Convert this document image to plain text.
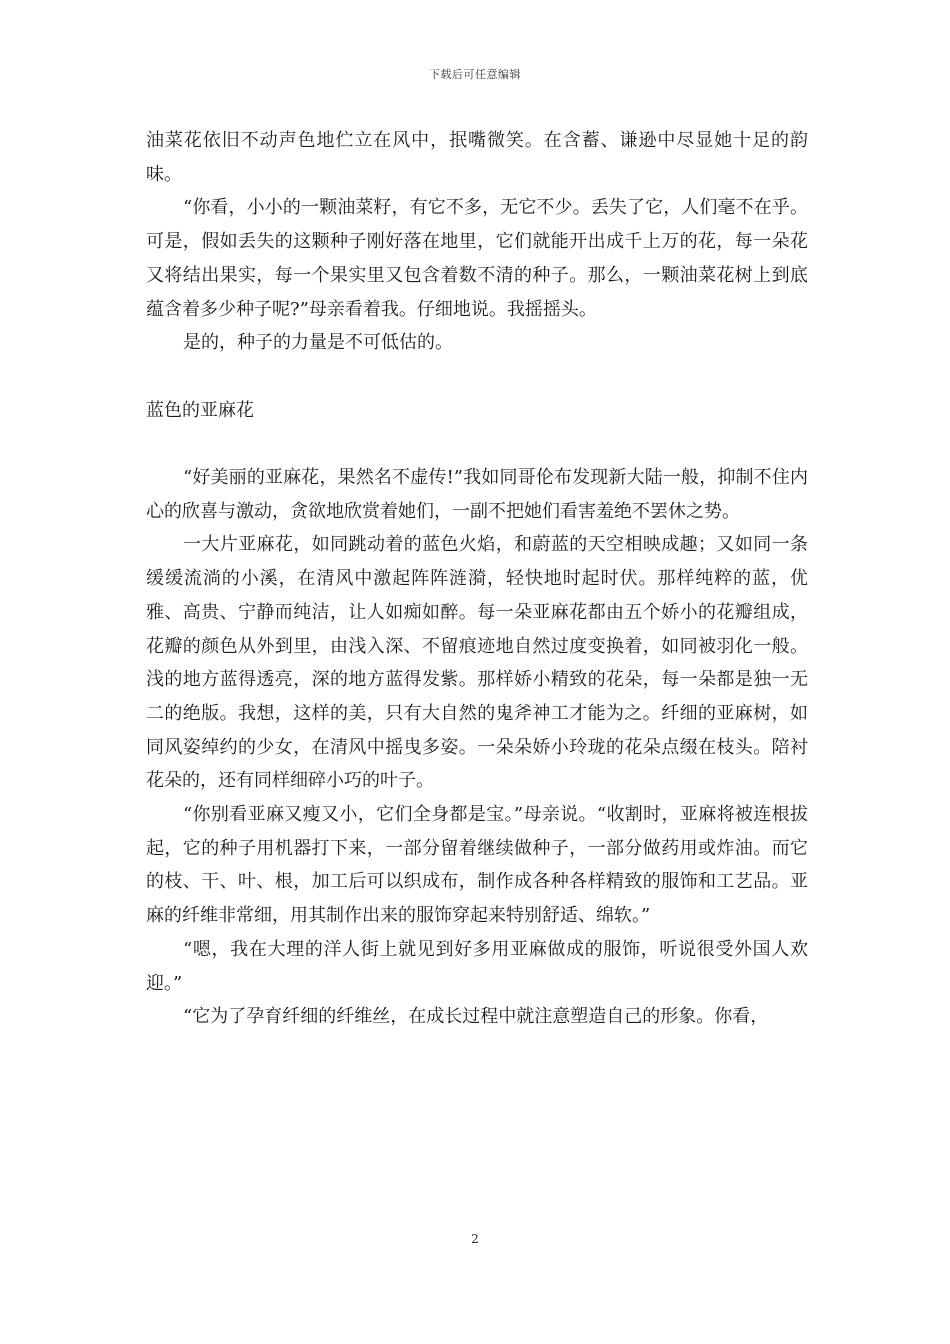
下载后可任意编辑

油菜花依旧不动声色地伫立在风中，抿嘴微笑。在含蓄、谦逊中尽显她十足的韵味。

“你看，小小的一颗油菜籽，有它不多，无它不少。丢失了它，人们毫不在乎。可是，假如丢失的这颗种子刚好落在地里，它们就能开出成千上万的花，每一朵花又将结出果实，每一个果实里又包含着数不清的种子。那么，一颗油菜花树上到底蕴含着多少种子呢?”母亲看着我。仔细地说。我摇摇头。

是的，种子的力量是不可低估的。

蓝色的亚麻花

“好美丽的亚麻花，果然名不虚传!”我如同哥伦布发现新大陆一般，抑制不住内心的欣喜与激动，贪欲地欣赏着她们，一副不把她们看害羞绝不罢休之势。

一大片亚麻花，如同跳动着的蓝色火焰，和蔚蓝的天空相映成趣；又如同一条缓缓流淌的小溪，在清风中激起阵阵涟漪，轻快地时起时伏。那样纯粹的蓝，优雅、高贵、宁静而纯洁，让人如痴如醉。每一朵亚麻花都由五个娇小的花瓣组成，花瓣的颜色从外到里，由浅入深、不留痕迹地自然过度变换着，如同被羽化一般。浅的地方蓝得透亮，深的地方蓝得发紫。那样娇小精致的花朵，每一朵都是独一无二的绝版。我想，这样的美，只有大自然的鬼斧神工才能为之。纤细的亚麻树，如同风姿绰约的少女，在清风中摇曳多姿。一朵朵娇小玲珑的花朵点缀在枝头。陪衬花朵的，还有同样细碎小巧的叶子。

“你别看亚麻又瘦又小，它们全身都是宝。”母亲说。“收割时，亚麻将被连根拔起，它的种子用机器打下来，一部分留着继续做种子，一部分做药用或炸油。而它的枝、干、叶、根，加工后可以织成布，制作成各种各样精致的服饰和工艺品。亚麻的纤维非常细，用其制作出来的服饰穿起来特别舒适、绵软。”

“嗯，我在大理的洋人街上就见到好多用亚麻做成的服饰，听说很受外国人欢迎。”

“它为了孕育纤细的纤维丝，在成长过程中就注意塑造自己的形象。你看，

2
